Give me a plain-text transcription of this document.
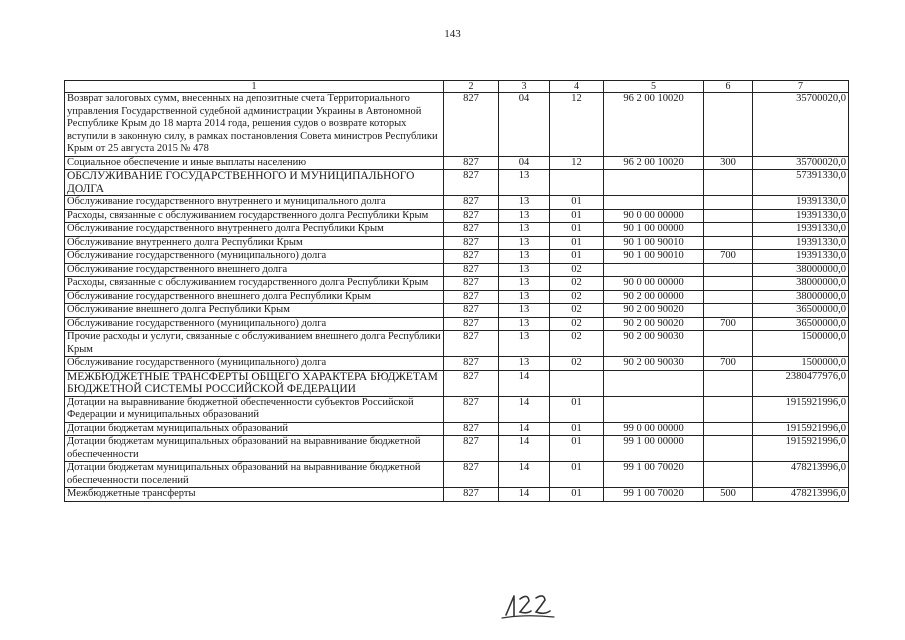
143
1	2	3	4	5	6	7
Возврат залоговых сумм, внесенных на депозитные счета Территориального управления Государственной судебной администрации Украины в Автономной Республике Крым до 18 марта 2014 года, решения судов о возврате которых вступили в законную силу, в рамках постановления Совета министров Республики Крым от 25 августа 2015 № 478	827	04	12	96 2 00 10020		35700020,0
Социальное обеспечение и иные выплаты населению	827	04	12	96 2 00 10020	300	35700020,0
ОБСЛУЖИВАНИЕ ГОСУДАРСТВЕННОГО И МУНИЦИПАЛЬНОГО ДОЛГА	827	13				57391330,0
Обслуживание государственного внутреннего и муниципального долга	827	13	01			19391330,0
Расходы, связанные с обслуживанием государственного долга Республики Крым	827	13	01	90 0 00 00000		19391330,0
Обслуживание государственного внутреннего долга Республики Крым	827	13	01	90 1 00 00000		19391330,0
Обслуживание внутреннего долга Республики Крым	827	13	01	90 1 00 90010		19391330,0
Обслуживание государственного (муниципального) долга	827	13	01	90 1 00 90010	700	19391330,0
Обслуживание государственного внешнего долга	827	13	02			38000000,0
Расходы, связанные с обслуживанием государственного долга Республики Крым	827	13	02	90 0 00 00000		38000000,0
Обслуживание государственного внешнего долга Республики Крым	827	13	02	90 2 00 00000		38000000,0
Обслуживание внешнего долга Республики Крым	827	13	02	90 2 00 90020		36500000,0
Обслуживание государственного (муниципального) долга	827	13	02	90 2 00 90020	700	36500000,0
Прочие расходы и услуги, связанные с обслуживанием внешнего долга Республики Крым	827	13	02	90 2 00 90030		1500000,0
Обслуживание государственного (муниципального) долга	827	13	02	90 2 00 90030	700	1500000,0
МЕЖБЮДЖЕТНЫЕ ТРАНСФЕРТЫ ОБЩЕГО ХАРАКТЕРА БЮДЖЕТАМ БЮДЖЕТНОЙ СИСТЕМЫ РОССИЙСКОЙ ФЕДЕРАЦИИ	827	14				2380477976,0
Дотации на выравнивание бюджетной обеспеченности субъектов Российской Федерации и муниципальных образований	827	14	01			1915921996,0
Дотации бюджетам муниципальных образований	827	14	01	99 0 00 00000		1915921996,0
Дотации бюджетам муниципальных образований на выравнивание бюджетной обеспеченности	827	14	01	99 1 00 00000		1915921996,0
Дотации бюджетам муниципальных образований на выравнивание бюджетной обеспеченности поселений	827	14	01	99 1 00 70020		478213996,0
Межбюджетные трансферты	827	14	01	99 1 00 70020	500	478213996,0
